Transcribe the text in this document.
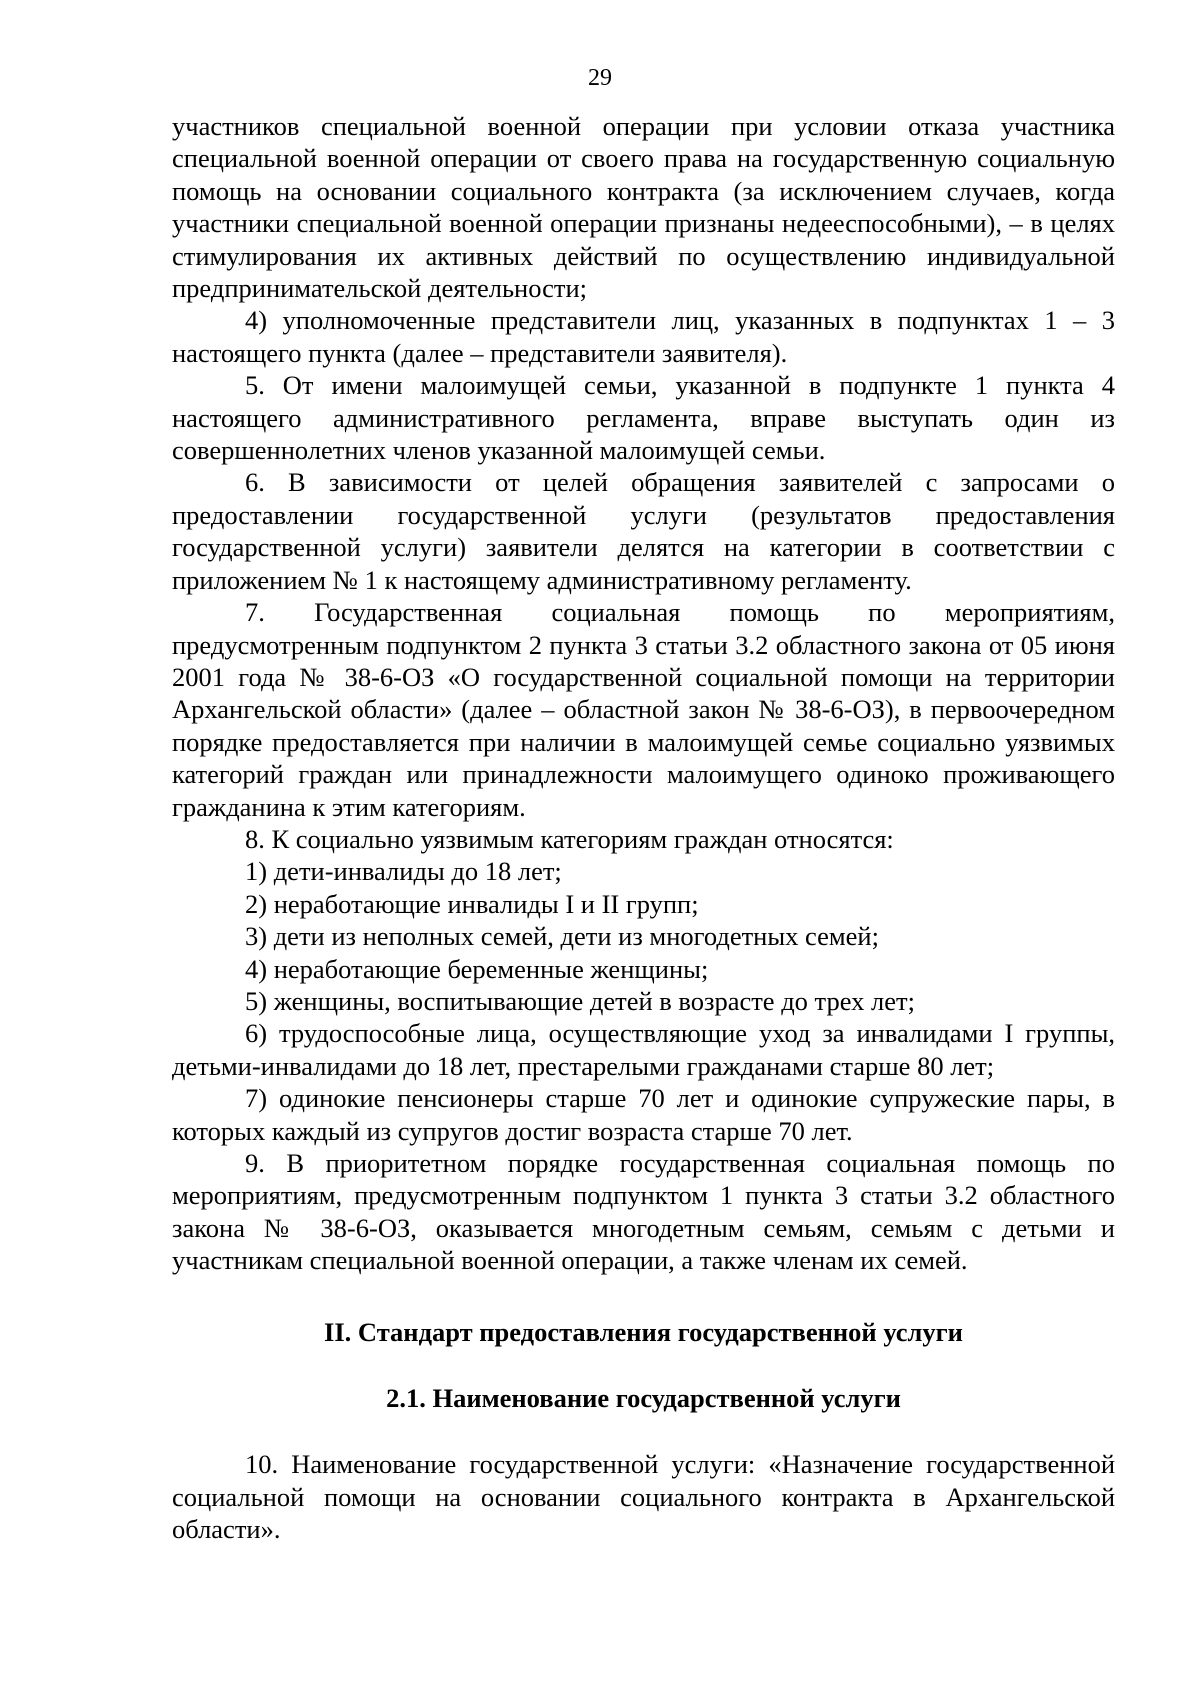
29

участников специальной военной операции при условии отказа участника специальной военной операции от своего права на государственную социальную помощь на основании социального контракта (за исключением случаев, когда участники специальной военной операции признаны недееспособными), – в целях стимулирования их активных действий по осуществлению индивидуальной предпринимательской деятельности;

4) уполномоченные представители лиц, указанных в подпунктах 1 – 3 настоящего пункта (далее – представители заявителя).

5. От имени малоимущей семьи, указанной в подпункте 1 пункта 4 настоящего административного регламента, вправе выступать один из совершеннолетних членов указанной малоимущей семьи.

6. В зависимости от целей обращения заявителей с запросами о предоставлении государственной услуги (результатов предоставления государственной услуги) заявители делятся на категории в соответствии с приложением № 1 к настоящему административному регламенту.

7. Государственная социальная помощь по мероприятиям, предусмотренным подпунктом 2 пункта 3 статьи 3.2 областного закона от 05 июня 2001 года № 38-6-ОЗ «О государственной социальной помощи на территории Архангельской области» (далее – областной закон № 38-6-ОЗ), в первоочередном порядке предоставляется при наличии в малоимущей семье социально уязвимых категорий граждан или принадлежности малоимущего одиноко проживающего гражданина к этим категориям.

8. К социально уязвимым категориям граждан относятся:

1) дети-инвалиды до 18 лет;

2) неработающие инвалиды I и II групп;

3) дети из неполных семей, дети из многодетных семей;

4) неработающие беременные женщины;

5) женщины, воспитывающие детей в возрасте до трех лет;

6) трудоспособные лица, осуществляющие уход за инвалидами I группы, детьми-инвалидами до 18 лет, престарелыми гражданами старше 80 лет;

7) одинокие пенсионеры старше 70 лет и одинокие супружеские пары, в которых каждый из супругов достиг возраста старше 70 лет.

9. В приоритетном порядке государственная социальная помощь по мероприятиям, предусмотренным подпунктом 1 пункта 3 статьи 3.2 областного закона № 38-6-ОЗ, оказывается многодетным семьям, семьям с детьми и участникам специальной военной операции, а также членам их семей.

II. Стандарт предоставления государственной услуги
2.1. Наименование государственной услуги

10. Наименование государственной услуги: «Назначение государственной социальной помощи на основании социального контракта в Архангельской области».
